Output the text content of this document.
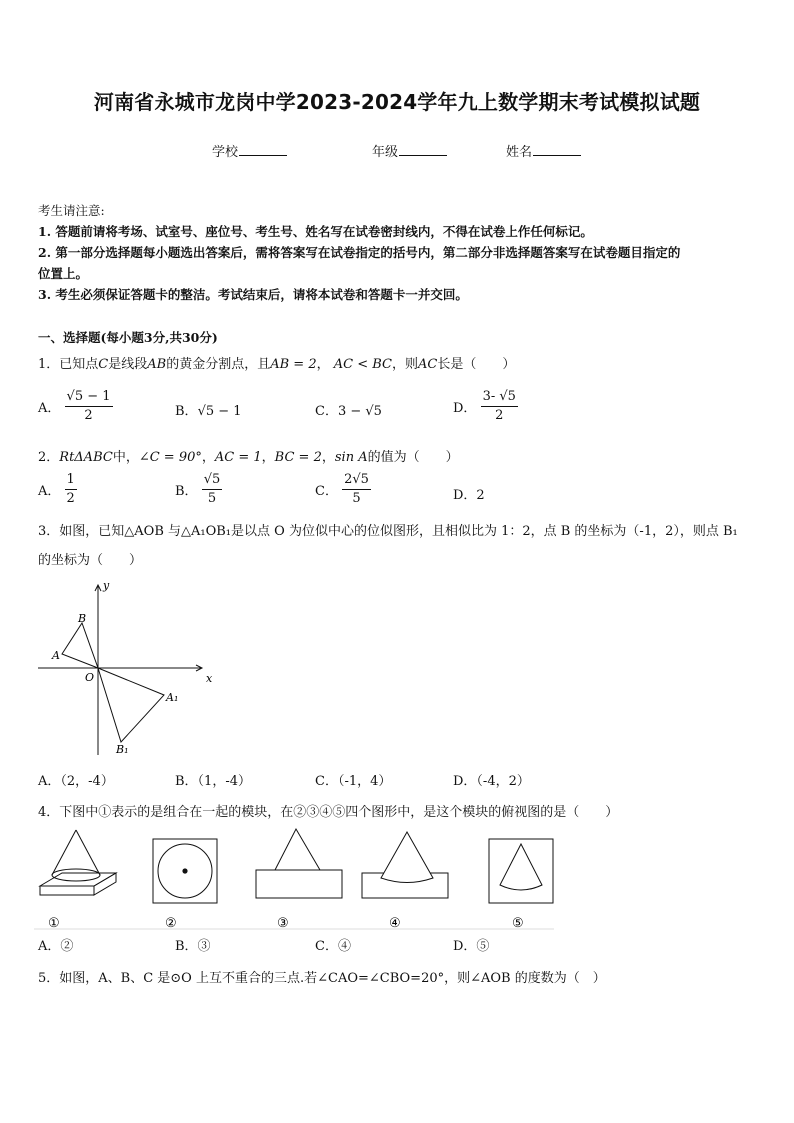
河南省永城市龙岗中学2023-2024学年九上数学期末考试模拟试题
学校	年级	姓名
考生请注意:
1. 答题前请将考场、试室号、座位号、考生号、姓名写在试卷密封线内，不得在试卷上作任何标记。
2. 第一部分选择题每小题选出答案后，需将答案写在试卷指定的括号内，第二部分非选择题答案写在试卷题目指定的
位置上。
3. 考生必须保证答题卡的整洁。考试结束后，请将本试卷和答题卡一并交回。
一、选择题(每小题3分,共30分)
1．已知点C是线段AB的黄金分割点，且AB = 2， AC < BC，则AC长是（　　）
A． $\frac{√5 - 1}{2}$	B．√5 − 1	C．3 − √5	D． $\frac{3- √5}{2}$
2．RtΔABC中，∠C = 90°，AC = 1，BC = 2，sin A的值为（　　）
A． $\frac{1}{2}$	B． $\frac{√5}{5}$	C． $\frac{2√5}{5}$	D．2
3．如图，已知△AOB 与△A₁OB₁是以点 O 为位似中心的位似图形，且相似比为 1：2，点 B 的坐标为（-1，2），则点 B₁
的坐标为（　　）
x
y
O
A
B
A₁
B₁
A．（2，-4）	B．（1，-4）	C．（-1，4）	D．（-4，2）
4．下图中①表示的是组合在一起的模块，在②③④⑤四个图形中，是这个模块的俯视图的是（　　）
①	②	③	④	⑤
A．②	B．③	C．④	D．⑤
5．如图，A、B、C 是⊙O 上互不重合的三点.若∠CAO=∠CBO=20°，则∠AOB 的度数为（　）
